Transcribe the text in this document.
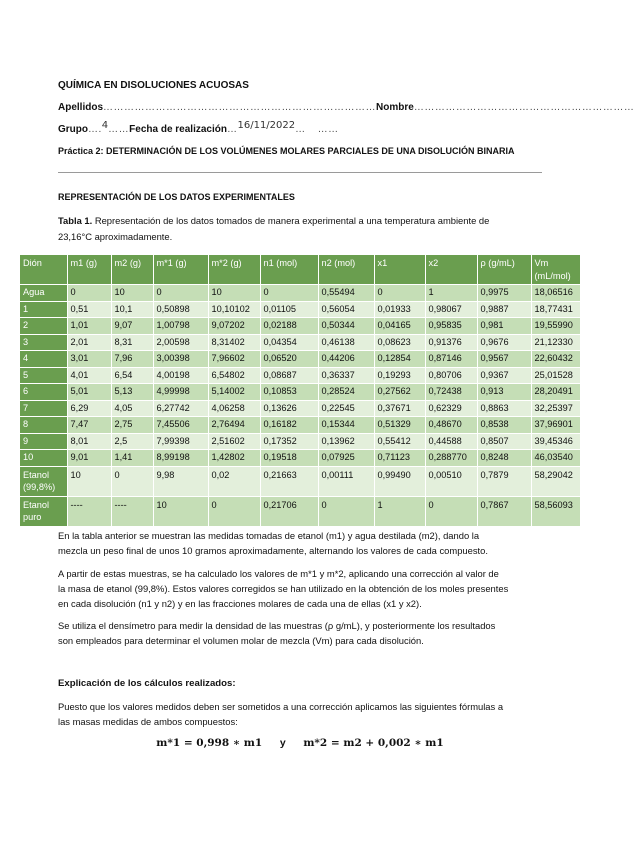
QUÍMICA EN DISOLUCIONES ACUOSAS
Apellidos……………………………………………………………………Nombre………………………………………………………
Grupo….4……Fecha de realización…16/11/2022… ……
Práctica 2: DETERMINACIÓN DE LOS VOLÚMENES MOLARES PARCIALES DE UNA DISOLUCIÓN BINARIA
REPRESENTACIÓN DE LOS DATOS EXPERIMENTALES
Tabla 1. Representación de los datos tomados de manera experimental a una temperatura ambiente de
23,16°C aproximadamente.
Dión	m1 (g)	m2 (g)	m*1 (g)	m*2 (g)	n1 (mol)	n2 (mol)	x1	x2	ρ (g/mL)	Vm (mL/mol)
Agua	0	10	0	10	0	0,55494	0	1	0,9975	18,06516
1	0,51	10,1	0,50898	10,10102	0,01105	0,56054	0,01933	0,98067	0,9887	18,77431
2	1,01	9,07	1,00798	9,07202	0,02188	0,50344	0,04165	0,95835	0,981	19,55990
3	2,01	8,31	2,00598	8,31402	0,04354	0,46138	0,08623	0,91376	0,9676	21,12330
4	3,01	7,96	3,00398	7,96602	0,06520	0,44206	0,12854	0,87146	0,9567	22,60432
5	4,01	6,54	4,00198	6,54802	0,08687	0,36337	0,19293	0,80706	0,9367	25,01528
6	5,01	5,13	4,99998	5,14002	0,10853	0,28524	0,27562	0,72438	0,913	28,20491
7	6,29	4,05	6,27742	4,06258	0,13626	0,22545	0,37671	0,62329	0,8863	32,25397
8	7,47	2,75	7,45506	2,76494	0,16182	0,15344	0,51329	0,48670	0,8538	37,96901
9	8,01	2,5	7,99398	2,51602	0,17352	0,13962	0,55412	0,44588	0,8507	39,45346
10	9,01	1,41	8,99198	1,42802	0,19518	0,07925	0,71123	0,288770	0,8248	46,03540
Etanol (99,8%)	10	0	9,98	0,02	0,21663	0,00111	0,99490	0,00510	0,7879	58,29042
Etanol puro	----	----	10	0	0,21706	0	1	0	0,7867	58,56093
En la tabla anterior se muestran las medidas tomadas de etanol (m1) y agua destilada (m2), dando la
mezcla un peso final de unos 10 gramos aproximadamente, alternando los valores de cada compuesto.
A partir de estas muestras, se ha calculado los valores de m*1 y m*2, aplicando una corrección al valor de
la masa de etanol (99,8%). Estos valores corregidos se han utilizado en la obtención de los moles presentes
en cada disolución (n1 y n2) y en las fracciones molares de cada una de ellas (x1 y x2).
Se utiliza el densímetro para medir la densidad de las muestras (ρ g/mL), y posteriormente los resultados
son empleados para determinar el volumen molar de mezcla (Vm) para cada disolución.
Explicación de los cálculos realizados:
Puesto que los valores medidos deben ser sometidos a una corrección aplicamos las siguientes fórmulas a
las masas medidas de ambos compuestos:
m*1 = 0,998 ∗ m1 y m*2 = m2 + 0,002 ∗ m1
